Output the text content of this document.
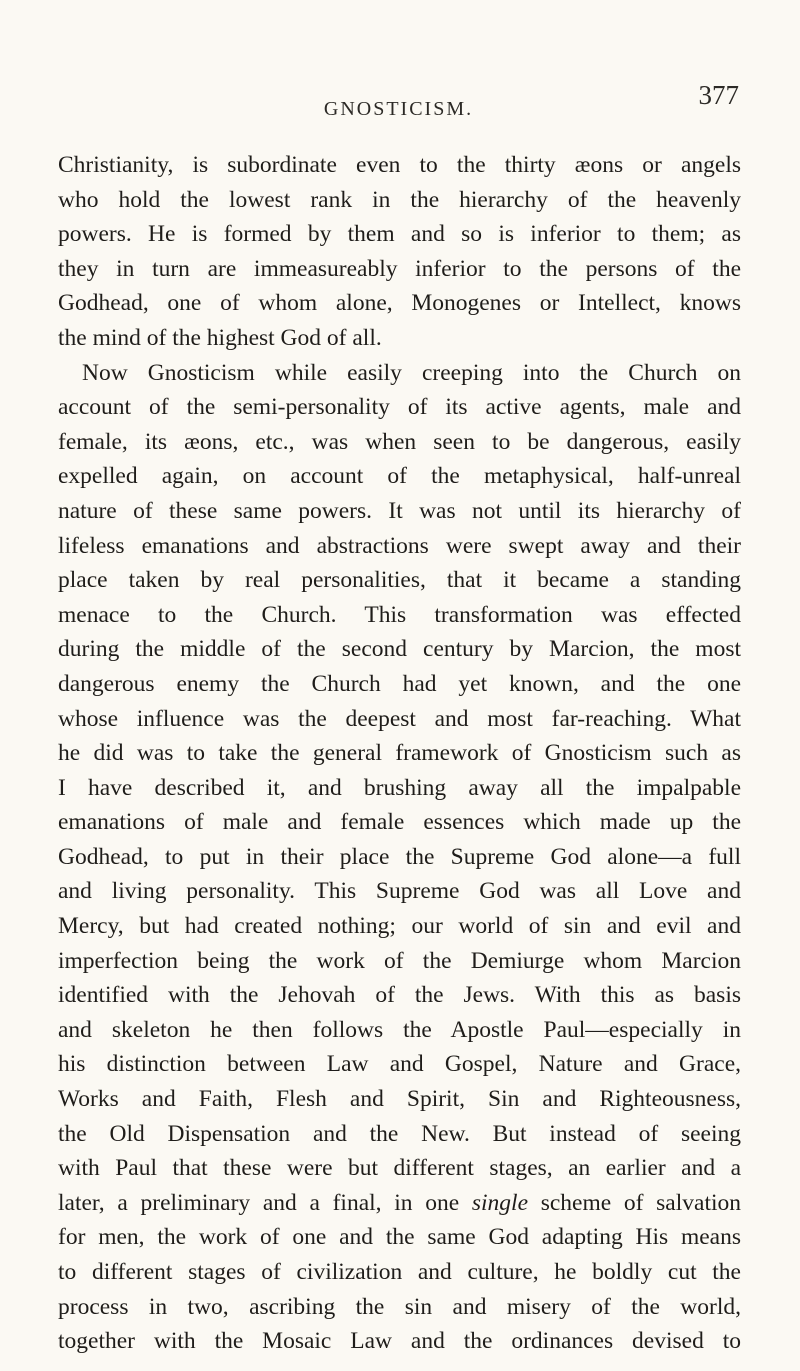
GNOSTICISM.	377
Christianity, is subordinate even to the thirty æons or angels
who hold the lowest rank in the hierarchy of the heavenly
powers. He is formed by them and so is inferior to them; as
they in turn are immeasureably inferior to the persons of the
Godhead, one of whom alone, Monogenes or Intellect, knows
the mind of the highest God of all.
Now Gnosticism while easily creeping into the Church on
account of the semi-personality of its active agents, male and
female, its æons, etc., was when seen to be dangerous, easily
expelled again, on account of the metaphysical, half-unreal
nature of these same powers. It was not until its hierarchy of
lifeless emanations and abstractions were swept away and their
place taken by real personalities, that it became a standing
menace to the Church. This transformation was effected
during the middle of the second century by Marcion, the most
dangerous enemy the Church had yet known, and the one
whose influence was the deepest and most far-reaching. What
he did was to take the general framework of Gnosticism such as
I have described it, and brushing away all the impalpable
emanations of male and female essences which made up the
Godhead, to put in their place the Supreme God alone—a full
and living personality. This Supreme God was all Love and
Mercy, but had created nothing; our world of sin and evil and
imperfection being the work of the Demiurge whom Marcion
identified with the Jehovah of the Jews. With this as basis
and skeleton he then follows the Apostle Paul—especially in
his distinction between Law and Gospel, Nature and Grace,
Works and Faith, Flesh and Spirit, Sin and Righteousness,
the Old Dispensation and the New. But instead of seeing
with Paul that these were but different stages, an earlier and a
later, a preliminary and a final, in one single scheme of salvation
for men, the work of one and the same God adapting His means
to different stages of civilization and culture, he boldly cut the
process in two, ascribing the sin and misery of the world,
together with the Mosaic Law and the ordinances devised to
